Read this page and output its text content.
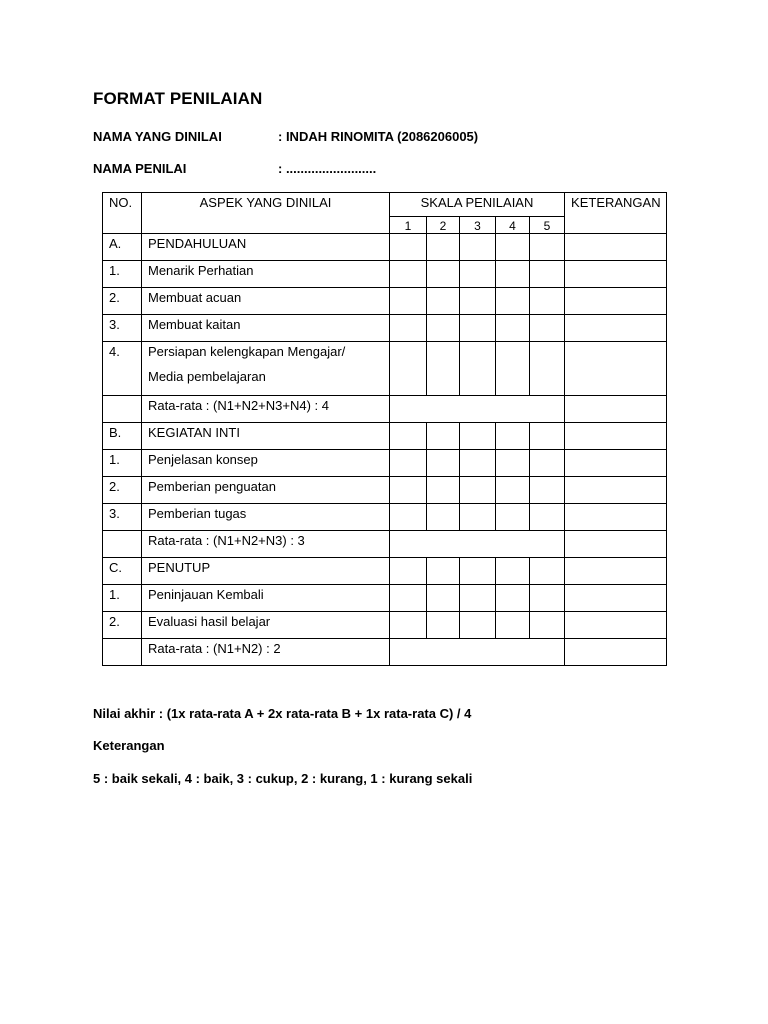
FORMAT PENILAIAN
NAMA YANG DINILAI	: INDAH RINOMITA (2086206005)
NAMA PENILAI	: .........................
NO.	ASPEK YANG DINILAI	SKALA PENILAIAN					KETERANGAN
		1	2	3	4	5	
A.	PENDAHULUAN						
1.	Menarik Perhatian						
2.	Membuat acuan						
3.	Membuat kaitan						
4.	Persiapan kelengkapan Mengajar/
Media pembelajaran						

	Rata-rata : (N1+N2+N3+N4) : 4						
B.	KEGIATAN INTI						
1.	Penjelasan konsep						
2.	Pemberian penguatan						
3.	Pemberian tugas						
	Rata-rata : (N1+N2+N3) : 3						
C.	PENUTUP						
1.	Peninjauan Kembali						
2.	Evaluasi hasil belajar						
	Rata-rata : (N1+N2) : 2						
Nilai akhir : (1x rata-rata A + 2x rata-rata B + 1x rata-rata C) / 4
Keterangan
5 : baik sekali, 4 : baik, 3 : cukup, 2 : kurang, 1 : kurang sekali
